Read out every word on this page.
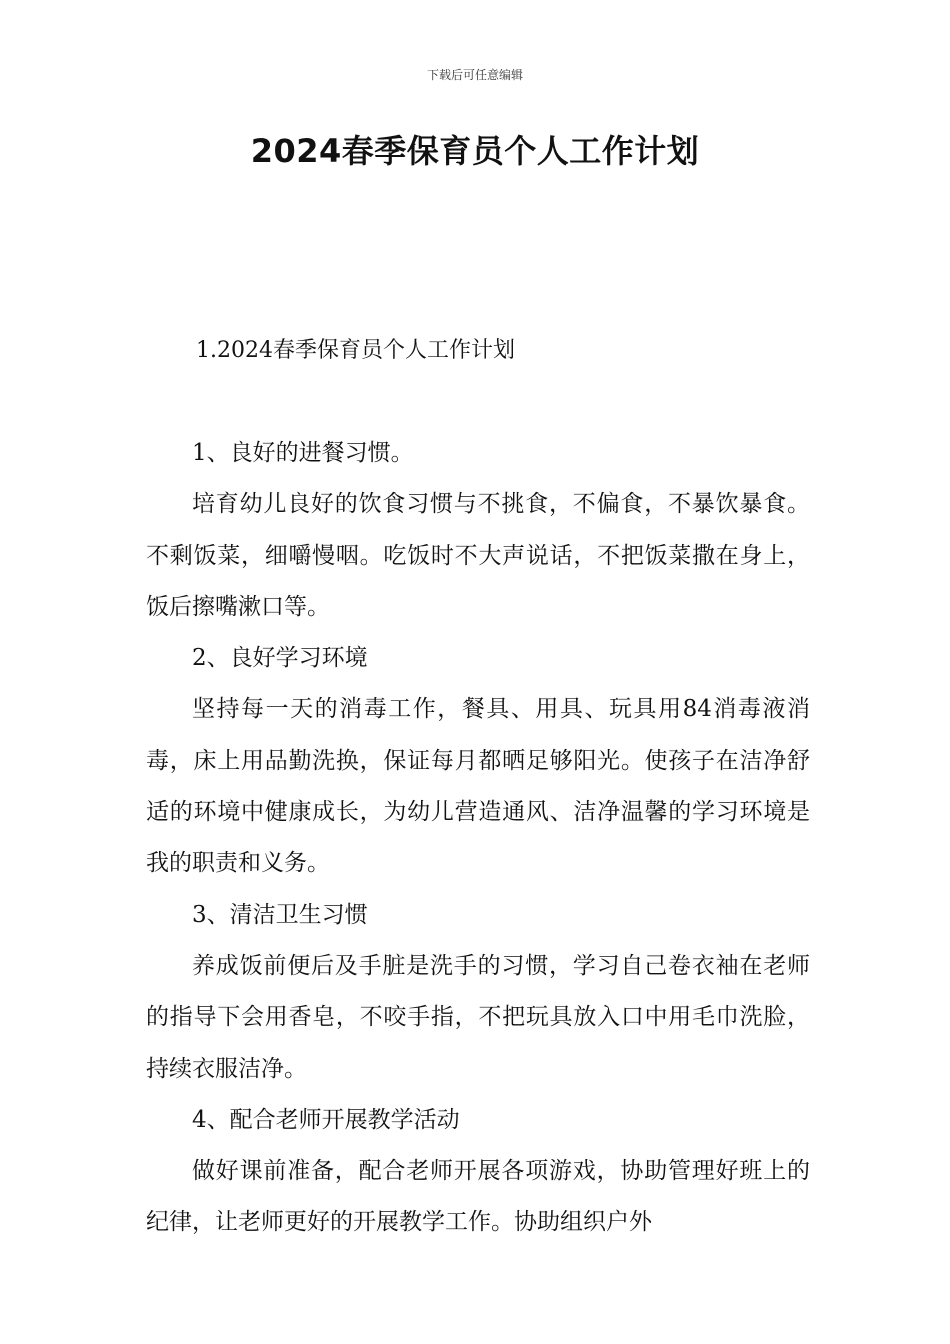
下载后可任意编辑
2024春季保育员个人工作计划
1.2024春季保育员个人工作计划

1、良好的进餐习惯。

培育幼儿良好的饮食习惯与不挑食，不偏食，不暴饮暴食。不剩饭菜，细嚼慢咽。吃饭时不大声说话，不把饭菜撒在身上，饭后擦嘴漱口等。

2、良好学习环境

坚持每一天的消毒工作，餐具、用具、玩具用84消毒液消毒，床上用品勤洗换，保证每月都晒足够阳光。使孩子在洁净舒适的环境中健康成长，为幼儿营造通风、洁净温馨的学习环境是我的职责和义务。

3、清洁卫生习惯

养成饭前便后及手脏是洗手的习惯，学习自己卷衣袖在老师的指导下会用香皂，不咬手指，不把玩具放入口中用毛巾洗脸，持续衣服洁净。

4、配合老师开展教学活动

做好课前准备，配合老师开展各项游戏，协助管理好班上的纪律，让老师更好的开展教学工作。协助组织户外
